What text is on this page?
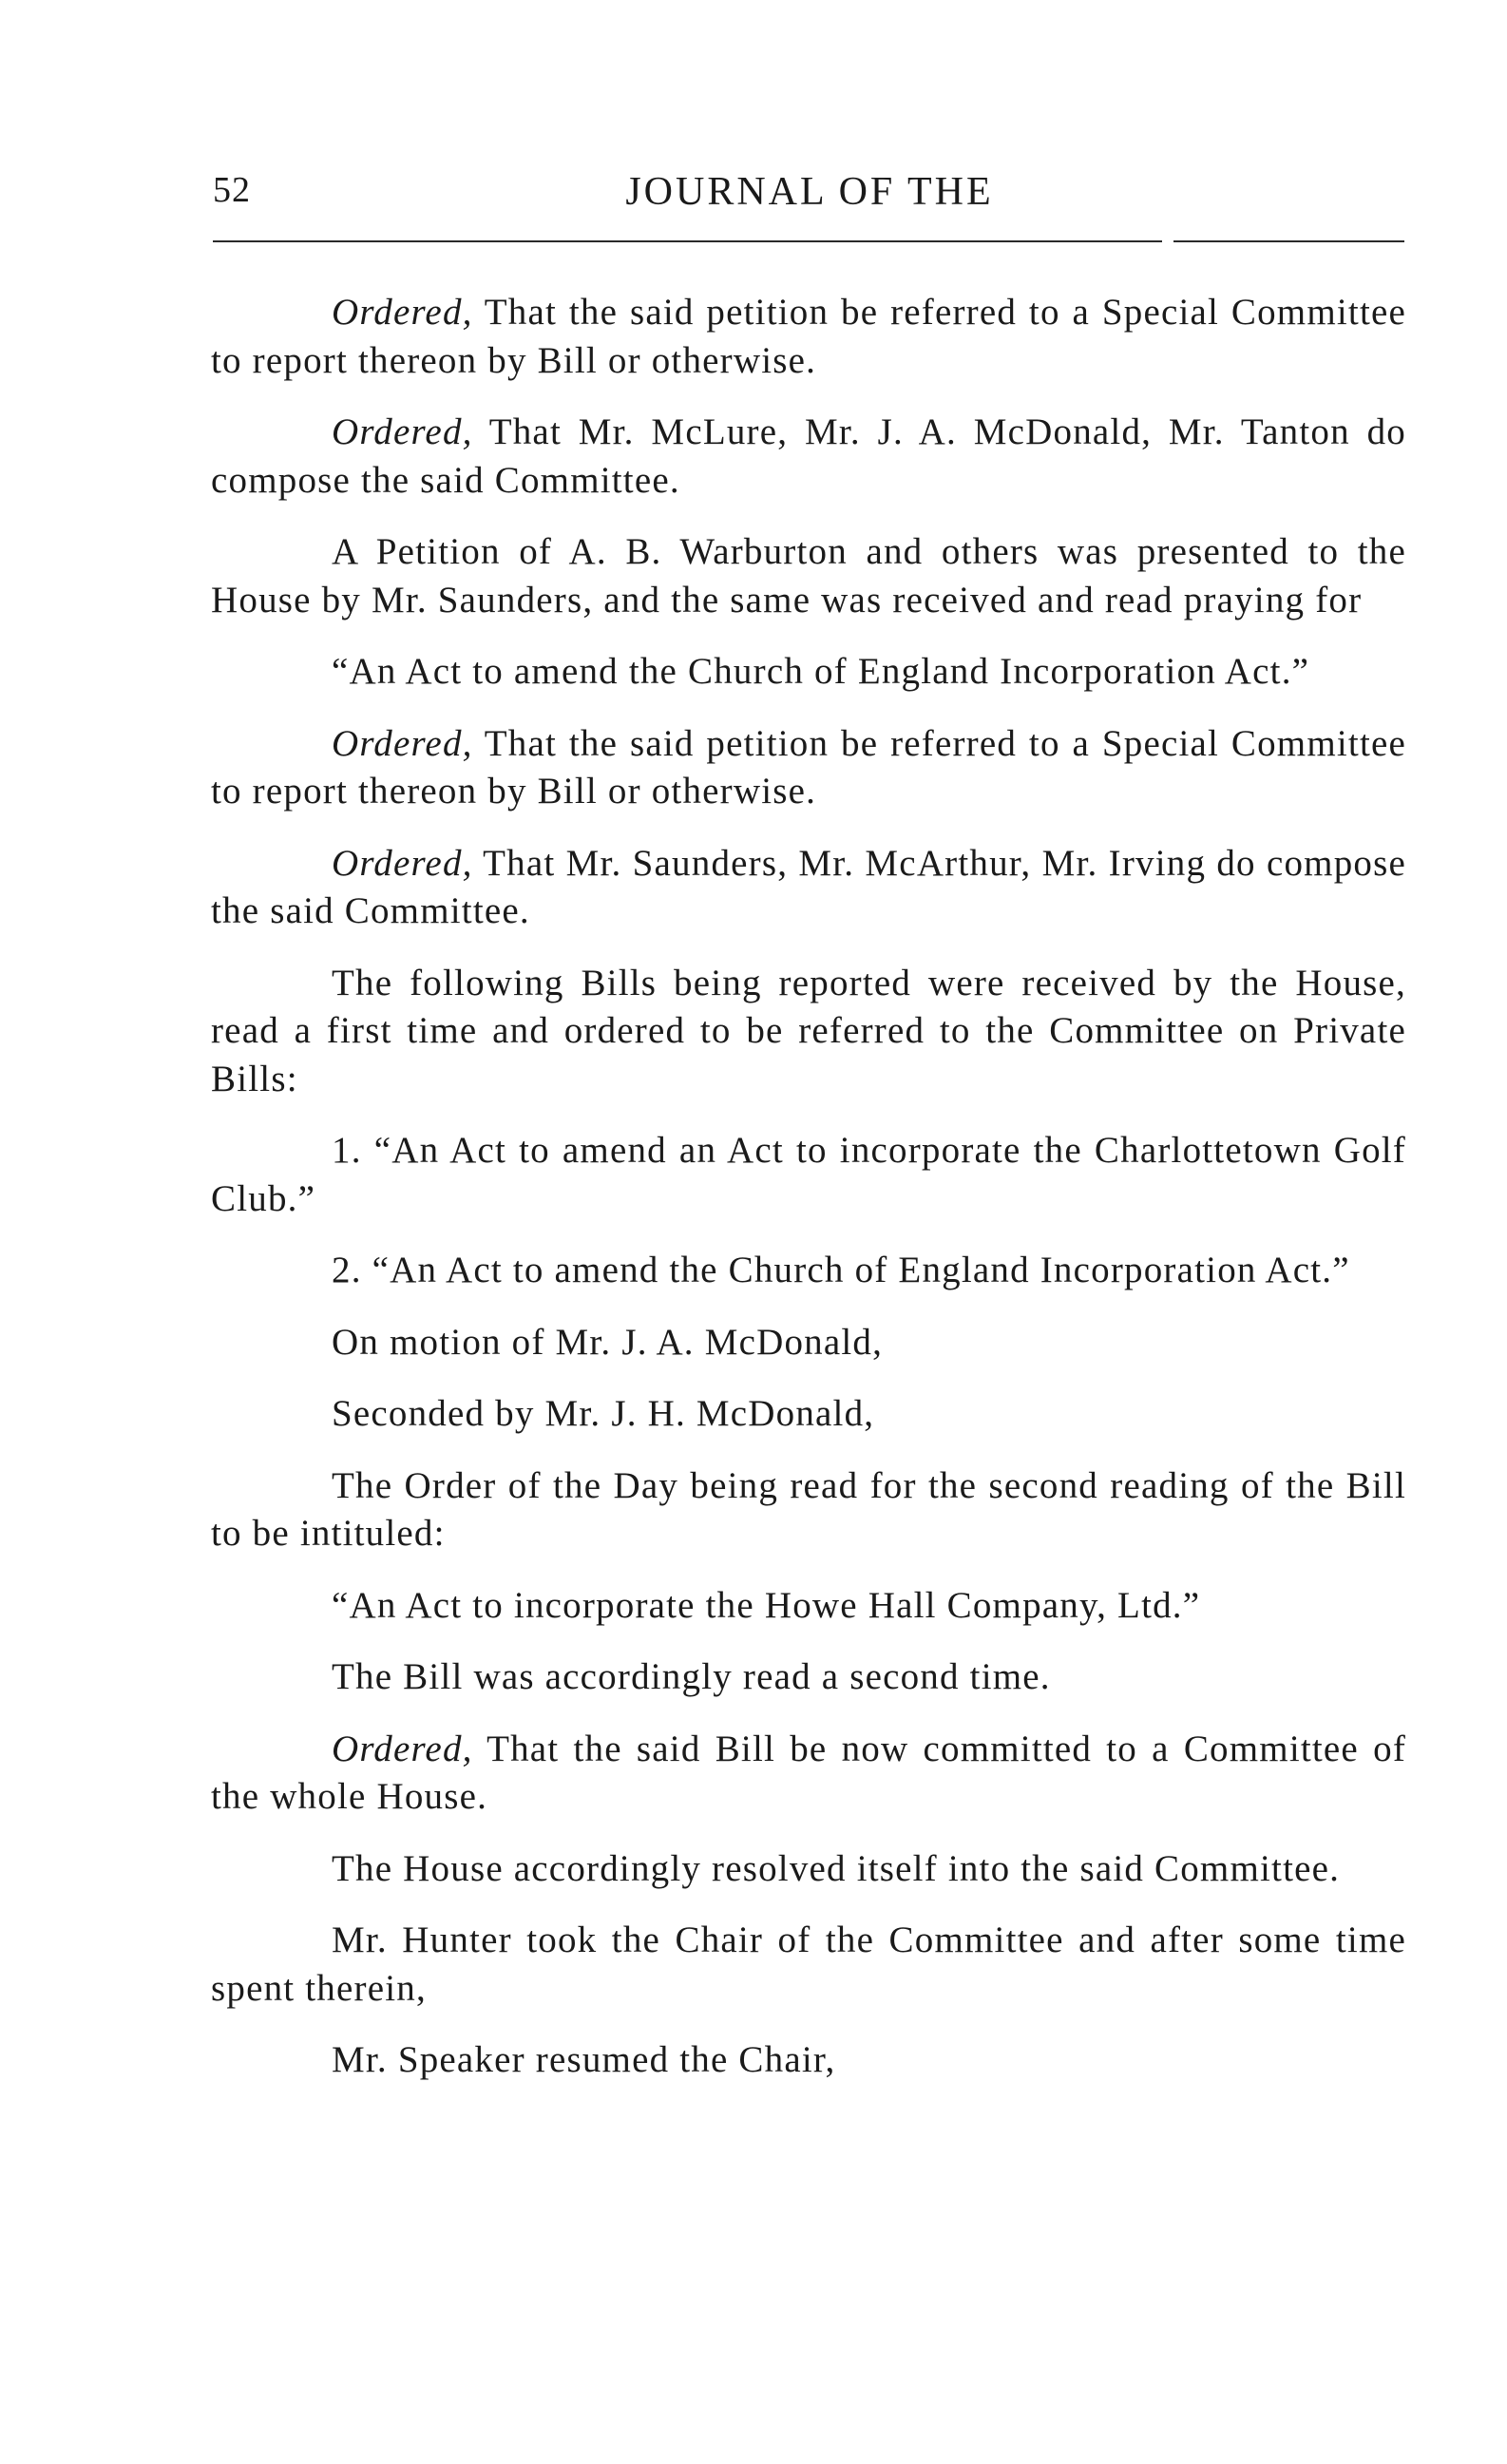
52	JOURNAL OF THE

Ordered, That the said petition be referred to a Special Committee to report thereon by Bill or otherwise.

Ordered, That Mr. McLure, Mr. J. A. McDonald, Mr. Tanton do compose the said Committee.

A Petition of A. B. Warburton and others was presented to the House by Mr. Saunders, and the same was received and read praying for

“An Act to amend the Church of England Incorporation Act.”

Ordered, That the said petition be referred to a Special Committee to report thereon by Bill or otherwise.

Ordered, That Mr. Saunders, Mr. McArthur, Mr. Irving do compose the said Committee.

The following Bills being reported were received by the House, read a first time and ordered to be referred to the Committee on Private Bills:

1. “An Act to amend an Act to incorporate the Charlottetown Golf Club.”

2. “An Act to amend the Church of England Incorporation Act.”

On motion of Mr. J. A. McDonald,

Seconded by Mr. J. H. McDonald,

The Order of the Day being read for the second reading of the Bill to be intituled:

“An Act to incorporate the Howe Hall Company, Ltd.”

The Bill was accordingly read a second time.

Ordered, That the said Bill be now committed to a Committee of the whole House.

The House accordingly resolved itself into the said Committee.

Mr. Hunter took the Chair of the Committee and after some time spent therein,

Mr. Speaker resumed the Chair,
